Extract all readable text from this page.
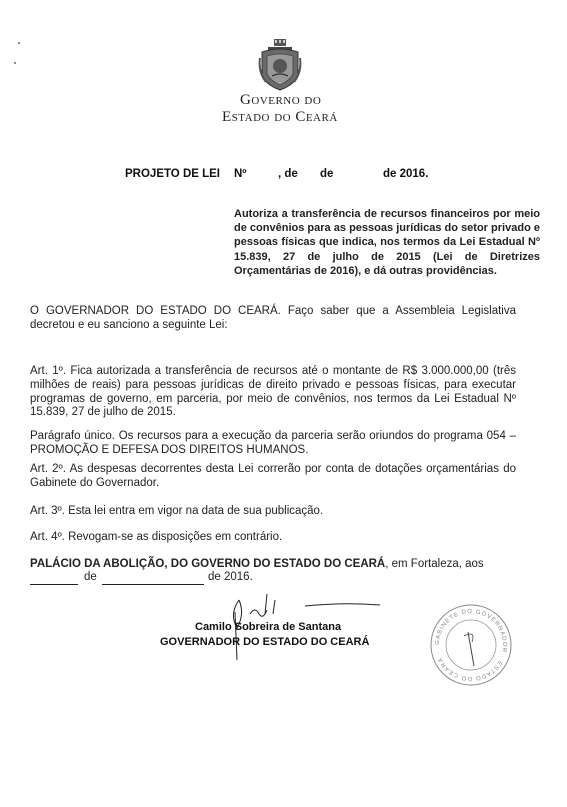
Governo do
Estado do Ceará
PROJETO DE LEI Nº	, de de	de 2016.
Autoriza a transferência de recursos financeiros por meio de convênios para as pessoas jurídicas do setor privado e pessoas físicas que indica, nos termos da Lei Estadual Nº 15.839, 27 de julho de 2015 (Lei de Diretrizes Orçamentárias de 2016), e dá outras providências.
O GOVERNADOR DO ESTADO DO CEARÁ. Faço saber que a Assembleia Legislativa decretou e eu sanciono a seguinte Lei:
Art. 1º. Fica autorizada a transferência de recursos até o montante de R$ 3.000.000,00 (três milhões de reais) para pessoas jurídicas de direito privado e pessoas físicas, para executar programas de governo, em parceria, por meio de convênios, nos termos da Lei Estadual Nº 15.839, 27 de julho de 2015.
Parágrafo único. Os recursos para a execução da parceria serão oriundos do programa 054 – PROMOÇÃO E DEFESA DOS DIREITOS HUMANOS.
Art. 2º. As despesas decorrentes desta Lei correrão por conta de dotações orçamentárias do Gabinete do Governador.
Art. 3º. Esta lei entra em vigor na data de sua publicação.
Art. 4º. Revogam-se as disposições em contrário.
PALÁCIO DA ABOLIÇÃO, DO GOVERNO DO ESTADO DO CEARÁ, em Fortaleza, aos
de	de 2016.
Camilo Sobreira de Santana
GOVERNADOR DO ESTADO DO CEARÁ	GABINETE DO GOVERNADOR · ESTADO DO CEARÁ ·
